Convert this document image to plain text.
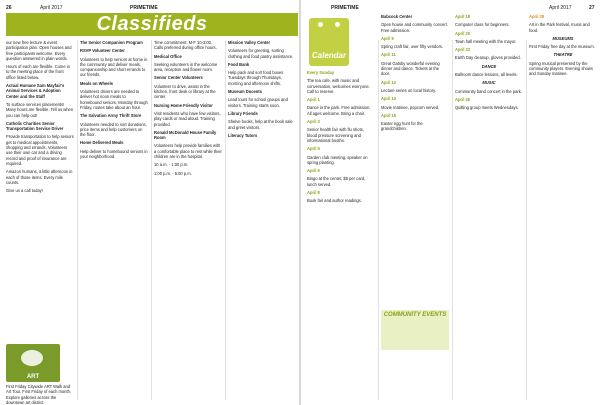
26	April 2017	PRIMETIME
Classifieds

our new free lecture & event participation plan. Open houses and free participants welcome. Every question answered in plain words.

Hours of each are flexible. Come in to the meeting place of the front office listed below.

Actual Humane Sam Mayfair's Animal Services & Adoption Center and the Staff

To surface services placements! Many hours are flexible. Tell us when you can help out!

Catholic Charities Senior Transportation Service Driver

Provide transportation to help seniors get to medical appointments, shopping and errands. Volunteers use their own car and a driving record and proof of insurance are required.

Amazon humans, a little afternoon in each of those items. Every mile counts.

Give us a call today!

The Senior Companion Program

RSVP Volunteer Center

Volunteers to help seniors at home in the community and deliver meals, companionship and short errands to our friends.

Meals on Wheels

Volunteers drivers are needed to deliver hot noon meals to homebound seniors, Monday through Friday, routes take about an hour.

The Salvation Army Thrift Store

Volunteers needed to sort donations, price items and help customers on the floor.

Home Delivered Meals

Help deliver to homebound seniors in your neighborhood.

Time commitment: M-F 10-3:00. Calls preferred during office hours.

Medical Office

Seeking volunteers in the welcome area, reception and flower room.

Senior Center Volunteers

Volunteer to drive, assist in the kitchen, front desk or library at the center.

Nursing Home Friendly Visitor

Visit residents who have few visitors, play cards or read aloud. Training provided.

Ronald McDonald House Family Room

Volunteers help provide families with a comfortable place to rest while their children are in the hospital.

10 a.m. - 1:00 p.m.

1:00 p.m. - 5:00 p.m.

Mission Valley Center

Volunteers for greeting, sorting clothing and food pantry assistance.

Food Bank

Help pack and sort food boxes Tuesdays through Thursdays, morning and afternoon shifts.

Museum Docents

Lead tours for school groups and visitors. Training starts soon.

Library Friends

Shelve books, help at the book sale and greet visitors.

Literacy Tutors

ART

First Friday Citywide ART Walk and Art Tour. First Friday of each month. Explore galleries across the downtown art district.

PRIMETIME	April 2017	27
Calendar

Every Sunday

The tea cafe, with music and conversation, welcomes everyone. Call to reserve.

April 1

Dance in the park. Free admission. All ages welcome. Bring a chair.

April 3

Senior health fair with flu shots, blood pressure screening and informational booths.

April 5

Garden club meeting, speaker on spring planting.

April 6

Bingo at the center, $5 per card, lunch served.

April 8

Book fair and author readings.

Babcock Center

Open house and community concert. Free admission.

April 9

Spring craft fair, over fifty vendors.

April 11

Great Gatsby wonderful evening dinner and dance. Tickets at the door.

April 12

Lecture series on local history.

April 13

Movie matinee, popcorn served.

April 15

Easter egg hunt for the grandchildren.

COMMUNITY EVENTS

April 18

Computer class for beginners.

April 20

Town hall meeting with the mayor.

April 22

Earth Day cleanup, gloves provided.

DANCE

Ballroom dance lessons, all levels.

MUSIC

Community band concert in the park.

April 26

Quilting group meets Wednesdays.

April 28

Art in the Park festival, music and food.

MUSEUMS

First Friday free day at the museum.

THEATRE

Spring musical presented by the community players. Evening shows and Sunday matinee.
